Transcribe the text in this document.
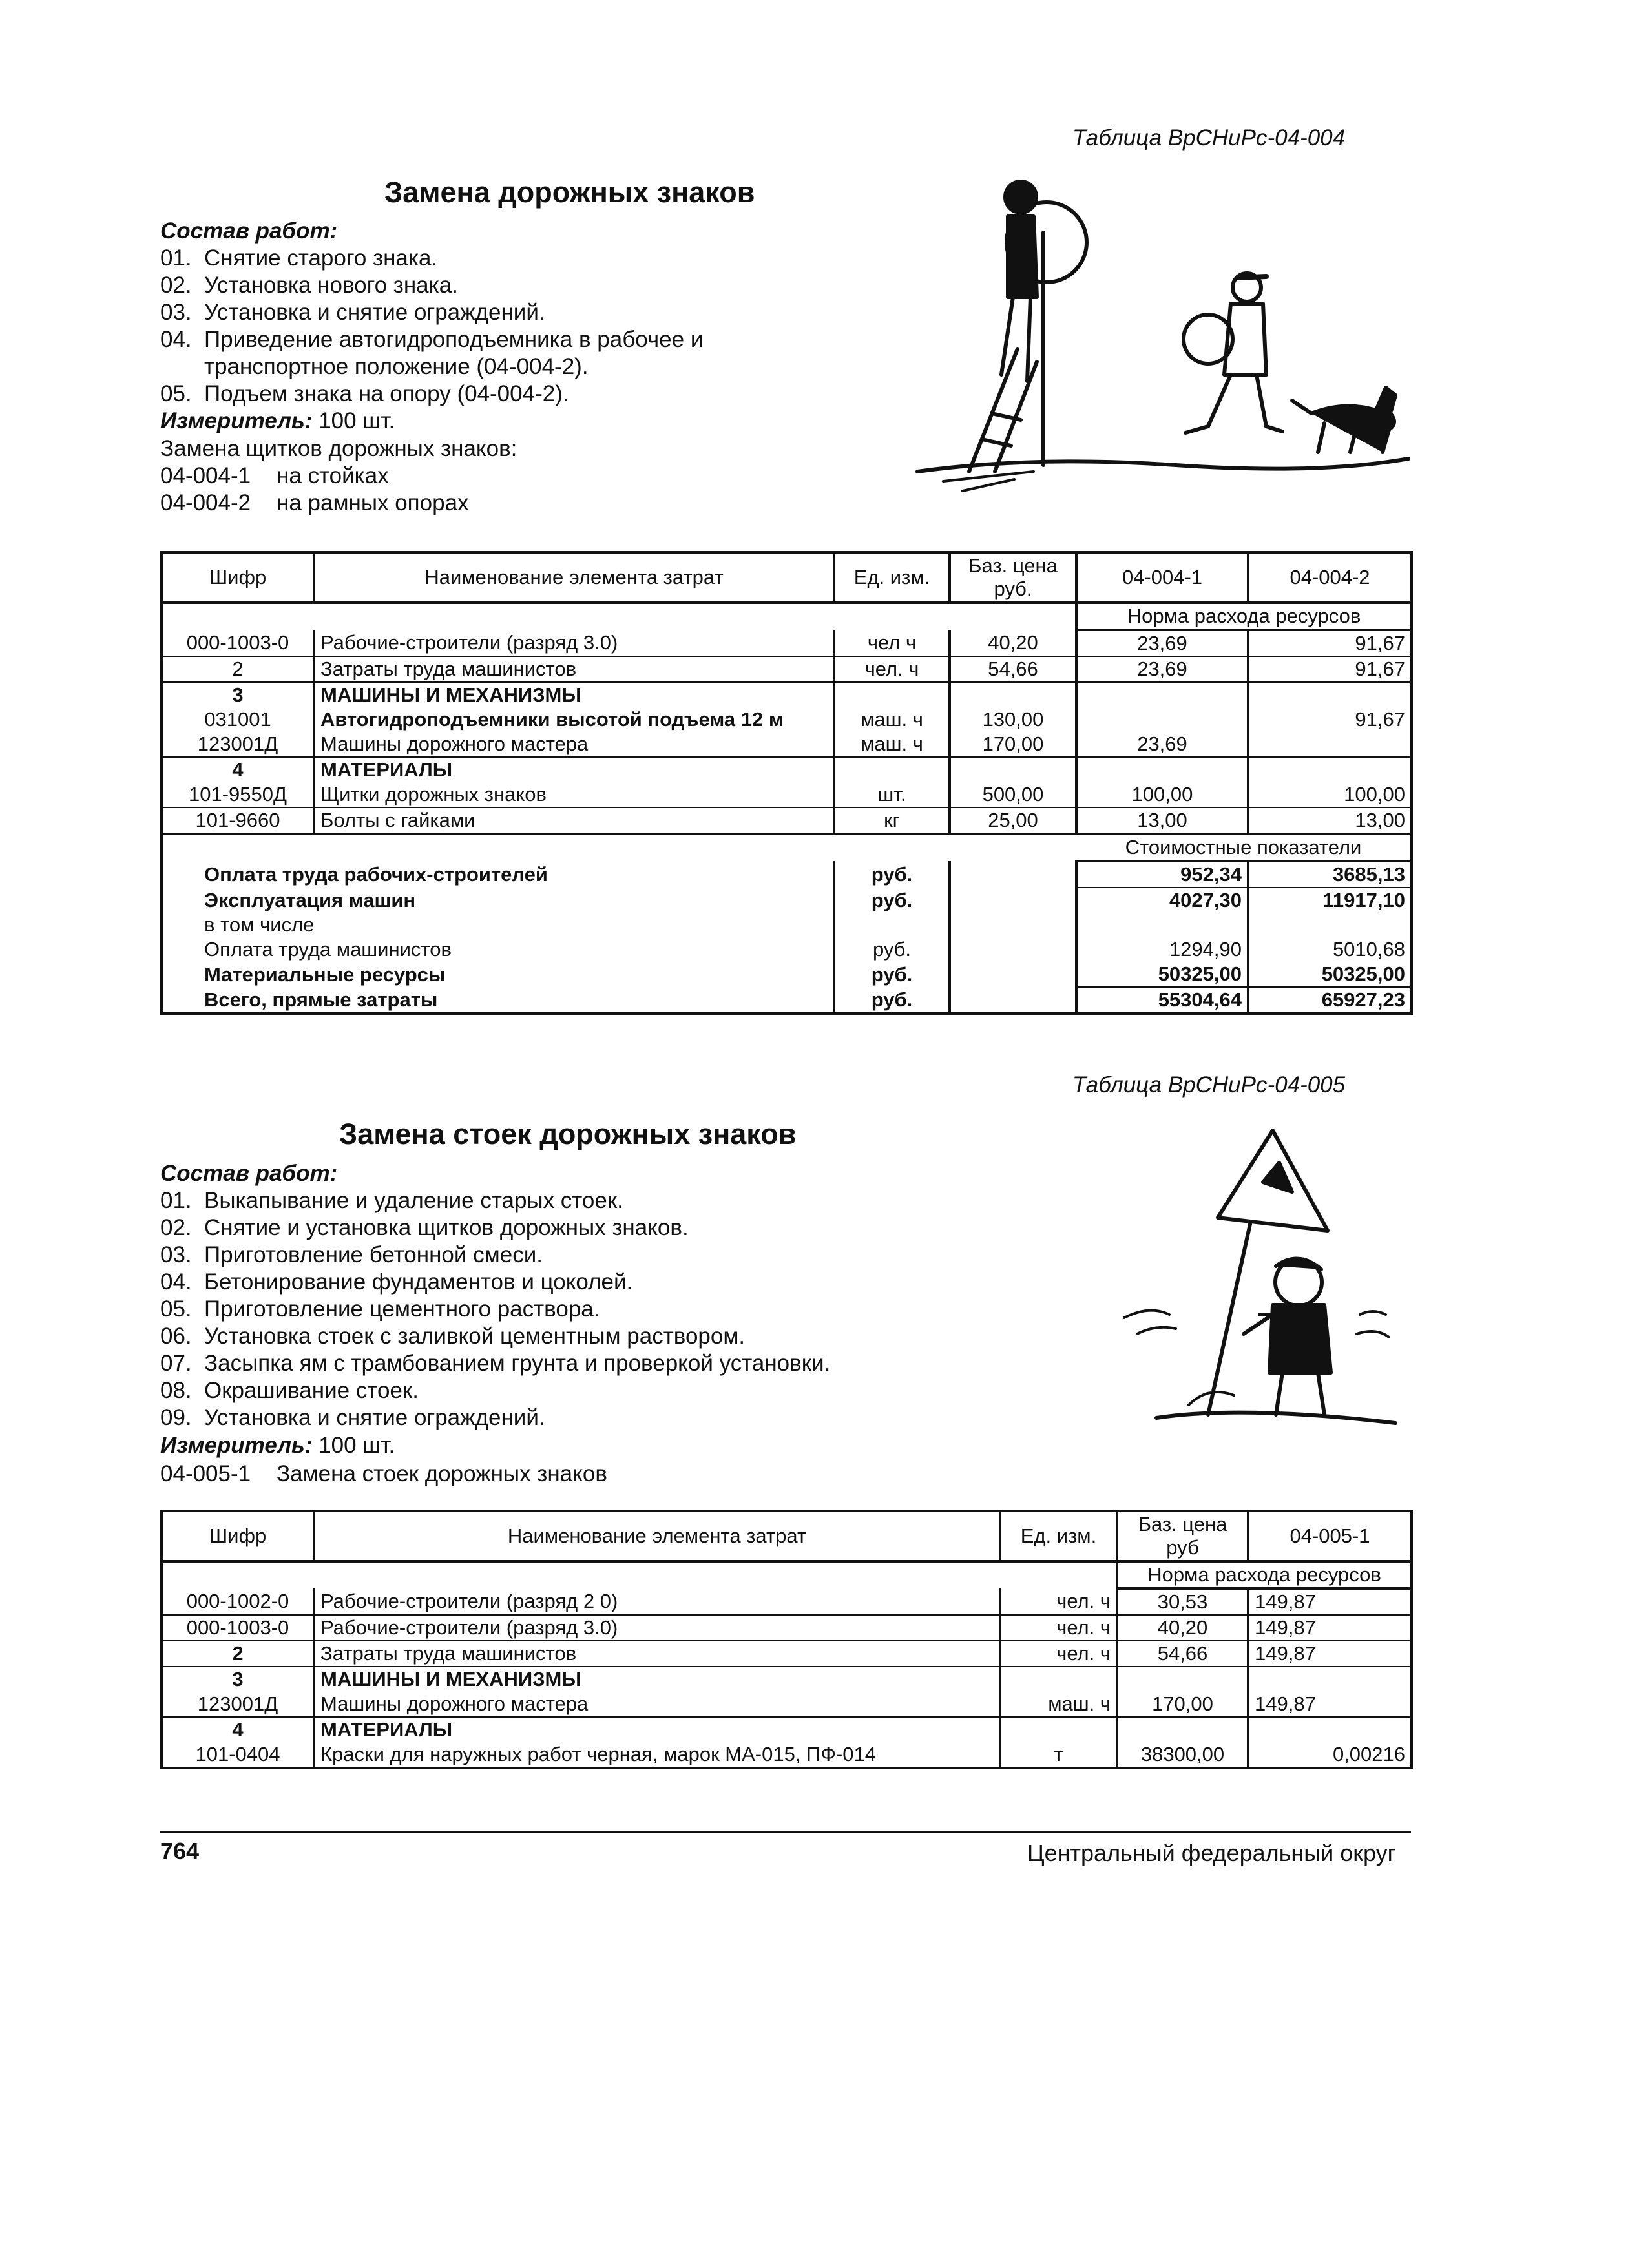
Таблица ВрСНиРс-04-004
Замена дорожных знаков
Состав работ:
01. Снятие старого знака.
02. Установка нового знака.
03. Установка и снятие ограждений.
04. Приведение автогидроподъемника в рабочее и транспортное положение (04-004-2).
05. Подъем знака на опору (04-004-2).
Измеритель: 100 шт.
Замена щитков дорожных знаков:
04-004-1 на стойках
04-004-2 на рамных опорах
Шифр	Наименование элемента затрат	Ед. изм.	Баз. цена руб.	04-004-1	04-004-2
				Норма расхода ресурсов	
000-1003-0	Рабочие-строители (разряд 3.0)	чел ч	40,20	23,69	91,67
2	Затраты труда машинистов	чел. ч	54,66	23,69	91,67
3	МАШИНЫ И МЕХАНИЗМЫ				
031001	Автогидроподъемники высотой подъема 12 м	маш. ч	130,00		91,67
123001Д	Машины дорожного мастера	маш. ч	170,00	23,69	
4	МАТЕРИАЛЫ				
101-9550Д	Щитки дорожных знаков	шт.	500,00	100,00	100,00
101-9660	Болты с гайками	кг	25,00	13,00	13,00
				Стоимостные показатели	
Оплата труда рабочих-строителей		руб.		952,34	3685,13
Эксплуатация машин		руб.		4027,30	11917,10
в том числе					
Оплата труда машинистов		руб.		1294,90	5010,68
Материальные ресурсы		руб.		50325,00	50325,00
Всего, прямые затраты		руб.		55304,64	65927,23
Таблица ВрСНиРс-04-005
Замена стоек дорожных знаков
Состав работ:
01. Выкапывание и удаление старых стоек.
02. Снятие и установка щитков дорожных знаков.
03. Приготовление бетонной смеси.
04. Бетонирование фундаментов и цоколей.
05. Приготовление цементного раствора.
06. Установка стоек с заливкой цементным раствором.
07. Засыпка ям с трамбованием грунта и проверкой установки.
08. Окрашивание стоек.
09. Установка и снятие ограждений.
Измеритель: 100 шт.
04-005-1 Замена стоек дорожных знаков
Шифр	Наименование элемента затрат	Ед. изм.	Баз. цена руб	04-005-1
			Норма расхода ресурсов	
000-1002-0	Рабочие-строители (разряд 2 0)	чел. ч	30,53	149,87
000-1003-0	Рабочие-строители (разряд 3.0)	чел. ч	40,20	149,87
2	Затраты труда машинистов	чел. ч	54,66	149,87
3	МАШИНЫ И МЕХАНИЗМЫ			
123001Д	Машины дорожного мастера	маш. ч	170,00	149,87
4	МАТЕРИАЛЫ			
101-0404	Краски для наружных работ черная, марок МА-015, ПФ-014	т	38300,00	0,00216
764	Центральный федеральный округ
